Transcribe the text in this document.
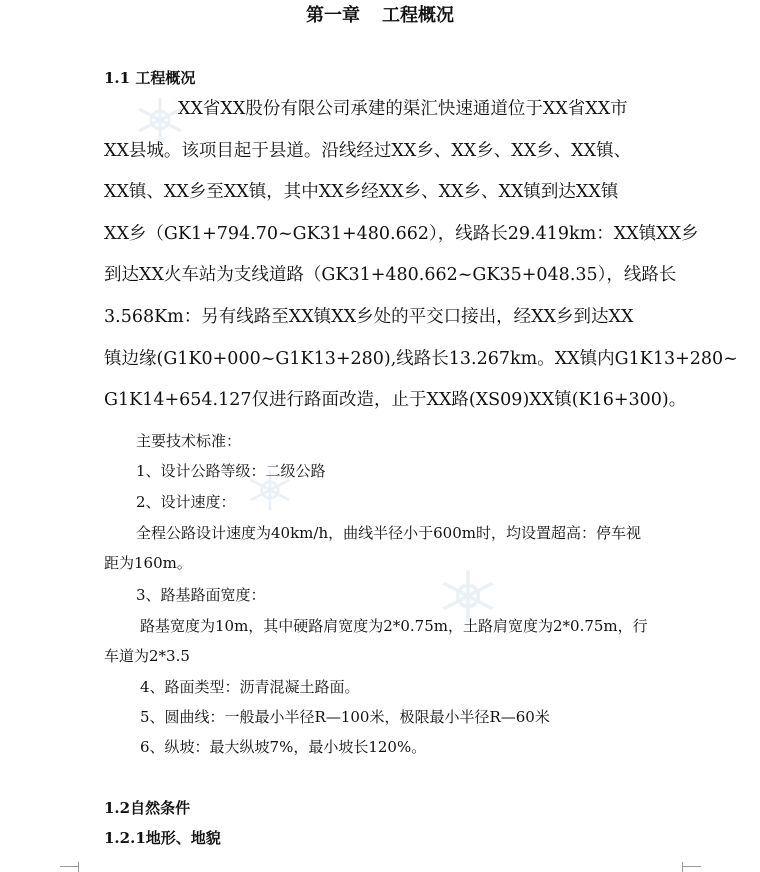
第一章 工程概况
1.1 工程概况
XX省XX股份有限公司承建的渠汇快速通道位于XX省XX市
XX县城。该项目起于县道。沿线经过XX乡、XX乡、XX乡、XX镇、
XX镇、XX乡至XX镇，其中XX乡经XX乡、XX乡、XX镇到达XX镇
XX乡（GK1+794.70~GK31+480.662），线路长29.419km：XX镇XX乡
到达XX火车站为支线道路（GK31+480.662~GK35+048.35），线路长
3.568Km：另有线路至XX镇XX乡处的平交口接出，经XX乡到达XX
镇边缘(G1K0+000~G1K13+280),线路长13.267km。XX镇内G1K13+280~
G1K14+654.127仅进行路面改造，止于XX路(XS09)XX镇(K16+300)。
主要技术标准：
1、设计公路等级：二级公路
2、设计速度：
全程公路设计速度为40km/h，曲线半径小于600m时，均设置超高：停车视
距为160m。
3、路基路面宽度：
路基宽度为10m，其中硬路肩宽度为2*0.75m，土路肩宽度为2*0.75m，行
车道为2*3.5
4、路面类型：沥青混凝土路面。
5、圆曲线：一般最小半径R—100米，极限最小半径R—60米
6、纵坡：最大纵坡7%，最小坡长120%。
1.2自然条件
1.2.1地形、地貌
